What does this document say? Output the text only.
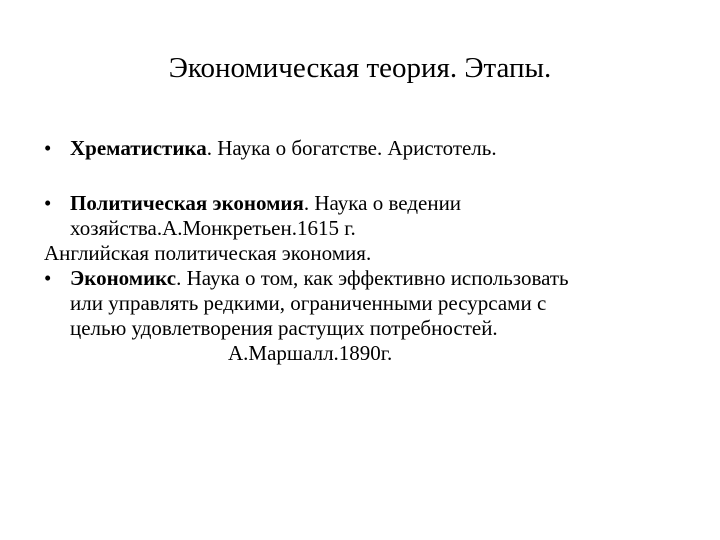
Экономическая теория. Этапы.
• Хрематистика. Наука о богатстве. Аристотель.
• Политическая экономия. Наука о ведении
хозяйства.А.Монкретьен.1615 г.
Английская политическая экономия.
• Экономикс. Наука о том, как эффективно использовать
или управлять редкими, ограниченными ресурсами с
целью удовлетворения растущих потребностей.
А.Маршалл.1890г.
